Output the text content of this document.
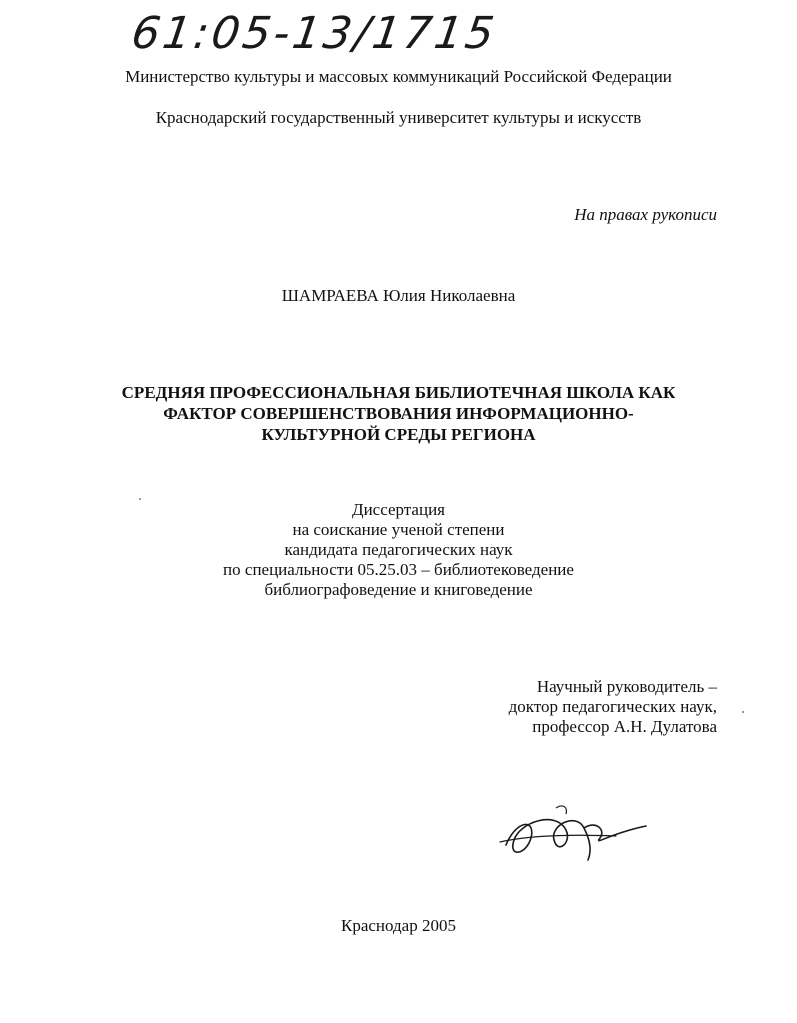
61:05-13/1715
Министерство культуры и массовых коммуникаций Российской Федерации
Краснодарский государственный университет культуры и искусств
На правах рукописи
ШАМРАЕВА Юлия Николаевна
СРЕДНЯЯ ПРОФЕССИОНАЛЬНАЯ БИБЛИОТЕЧНАЯ ШКОЛА КАК
ФАКТОР СОВЕРШЕНСТВОВАНИЯ ИНФОРМАЦИОННО-
КУЛЬТУРНОЙ СРЕДЫ РЕГИОНА
Диссертация
на соискание ученой степени
кандидата педагогических наук
по специальности 05.25.03 – библиотековедение
библиографоведение и книговедение
Научный руководитель –
доктор педагогических наук,
профессор А.Н. Дулатова
Краснодар 2005
